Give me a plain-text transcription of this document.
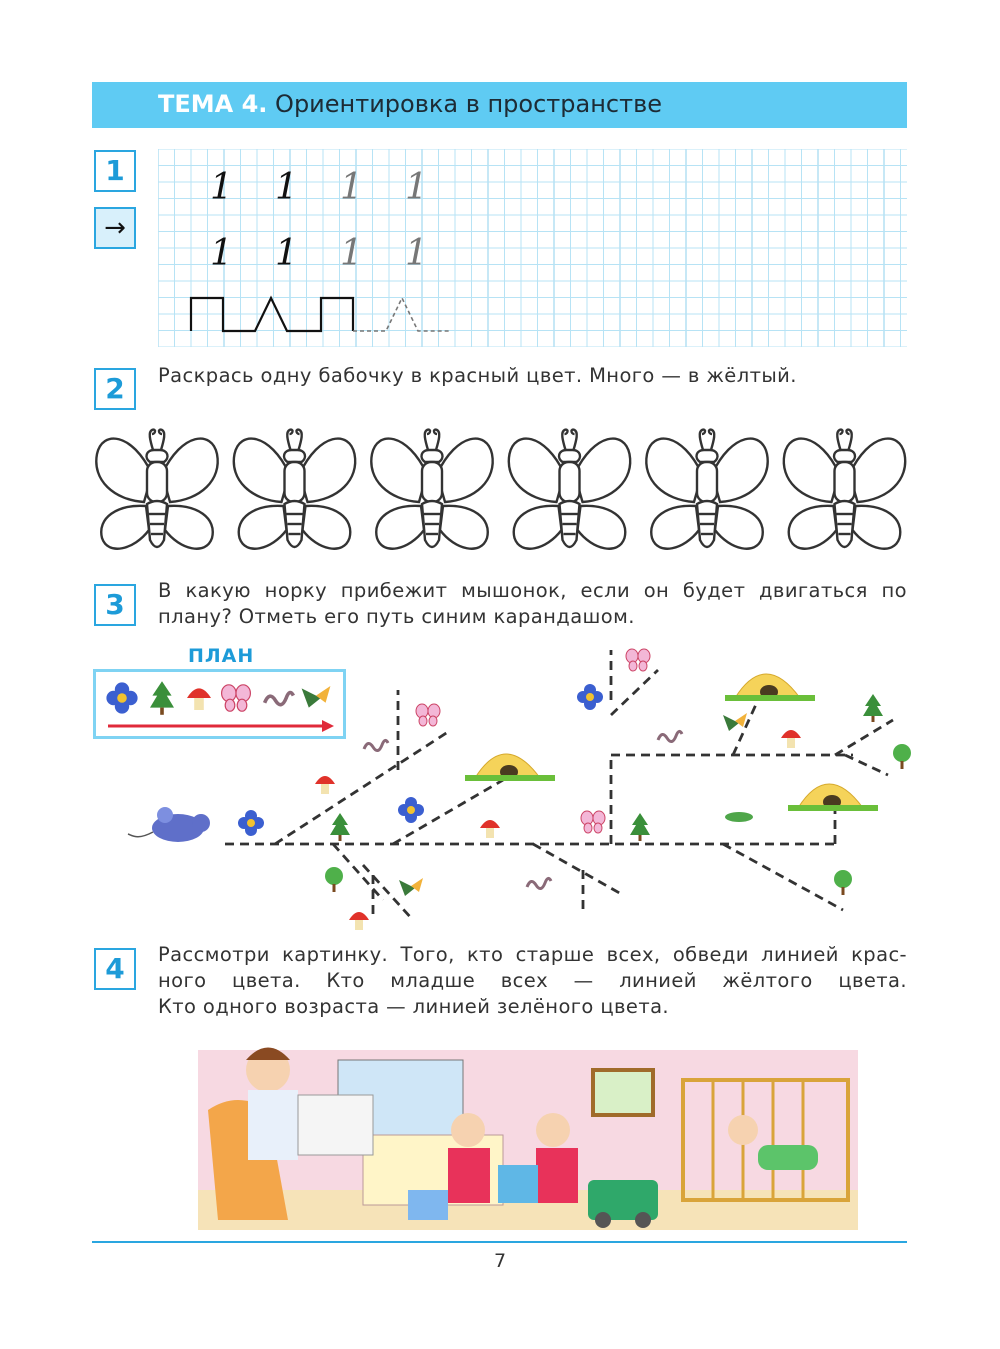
ТЕМА 4. Ориентировка в пространстве
1
→
1 1 1 1
1 1 1 1
2	Раскрась одну бабочку в красный цвет. Много — в жёлтый.
3	В какую норку прибежит мышонок, если он будет двигаться по
плану? Отметь его путь синим карандашом.
ПЛАН
4	Рассмотри картинку. Того, кто старше всех, обведи линией крас-
ного цвета. Кто младше всех — линией жёлтого цвета.
Кто одного возраста — линией зелёного цвета.
7
